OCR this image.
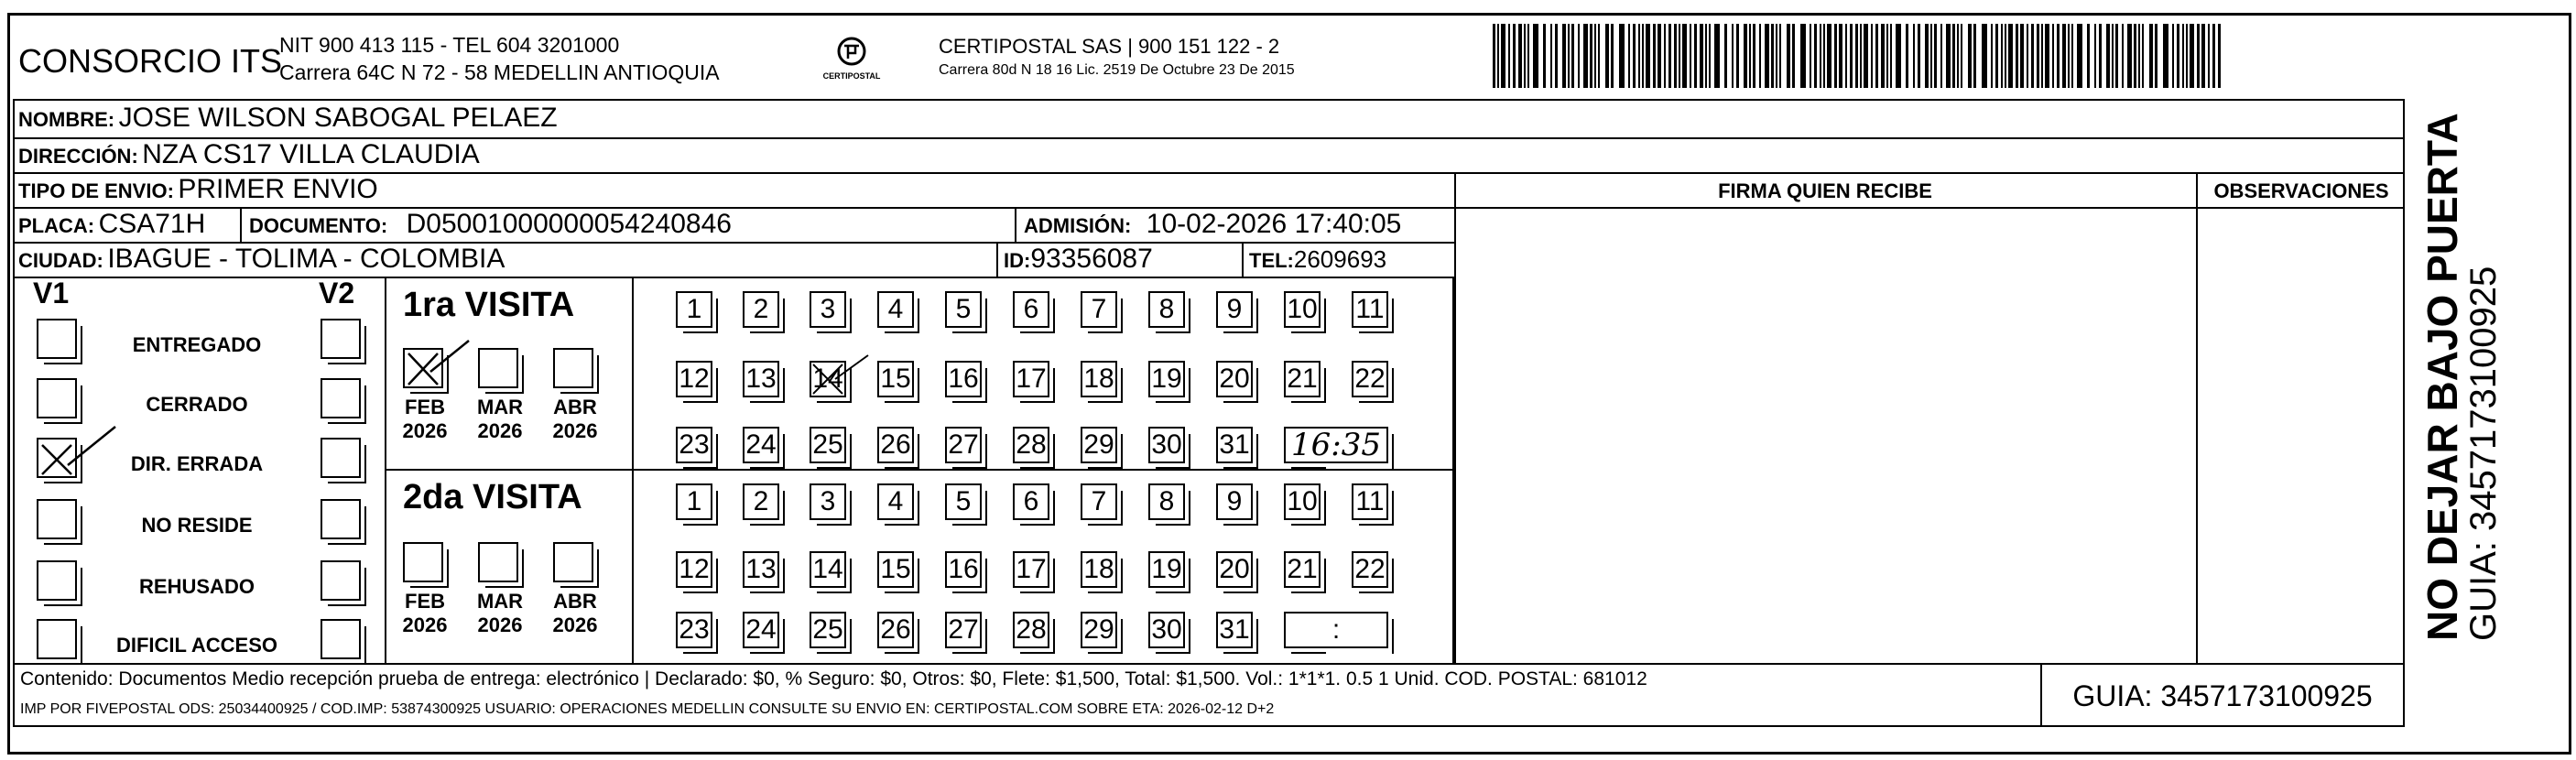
CONSORCIO ITS
NIT 900 413 115 - TEL 604 3201000
Carrera 64C N 72 - 58 MEDELLIN ANTIOQUIA	CERTIPOSTAL
CERTIPOSTAL SAS | 900 151 122 - 2
Carrera 80d N 18 16 Lic. 2519 De Octubre 23 De 2015
NOMBRE: JOSE WILSON SABOGAL PELAEZ
DIRECCIÓN: NZA CS17 VILLA CLAUDIA
TIPO DE ENVIO: PRIMER ENVIO
PLACA: CSA71H DOCUMENTO: D05001000000054240846	ADMISIÓN: 10-02-2026 17:40:05
CIUDAD: IBAGUE - TOLIMA - COLOMBIA	ID:93356087	TEL:2609693
FIRMA QUIEN RECIBE	OBSERVACIONES
V1	V2
ENTREGADO
CERRADO
DIR. ERRADA
NO RESIDE
REHUSADO
DIFICIL ACCESO
1ra VISITA
2da VISITA
FEB
2026
MAR
2026
ABR
2026
FEB
2026
MAR
2026
ABR
2026
1	2	3	4	5	6	7	8	9	10 11
12 13 14 15 16 17 18 19 20 21 22
23 24 25 26 27 28 29 30 31 16:35
1	2	3	4	5	6	7	8	9	10 11
12 13 14 15 16 17 18 19 20 21 22
23 24 25 26 27 28 29 30 31	:	NO DEJAR BAJO PUERTA
GUIA: 3457173100925
Contenido: Documentos Medio recepción prueba de entrega: electrónico | Declarado: $0, % Seguro: $0, Otros: $0, Flete: $1,500, Total: $1,500. Vol.: 1*1*1. 0.5 1 Unid. COD. POSTAL: 681012
IMP POR FIVEPOSTAL ODS: 25034400925 / COD.IMP: 53874300925 USUARIO: OPERACIONES MEDELLIN CONSULTE SU ENVIO EN: CERTIPOSTAL.COM SOBRE ETA: 2026-02-12 D+2	GUIA: 3457173100925
